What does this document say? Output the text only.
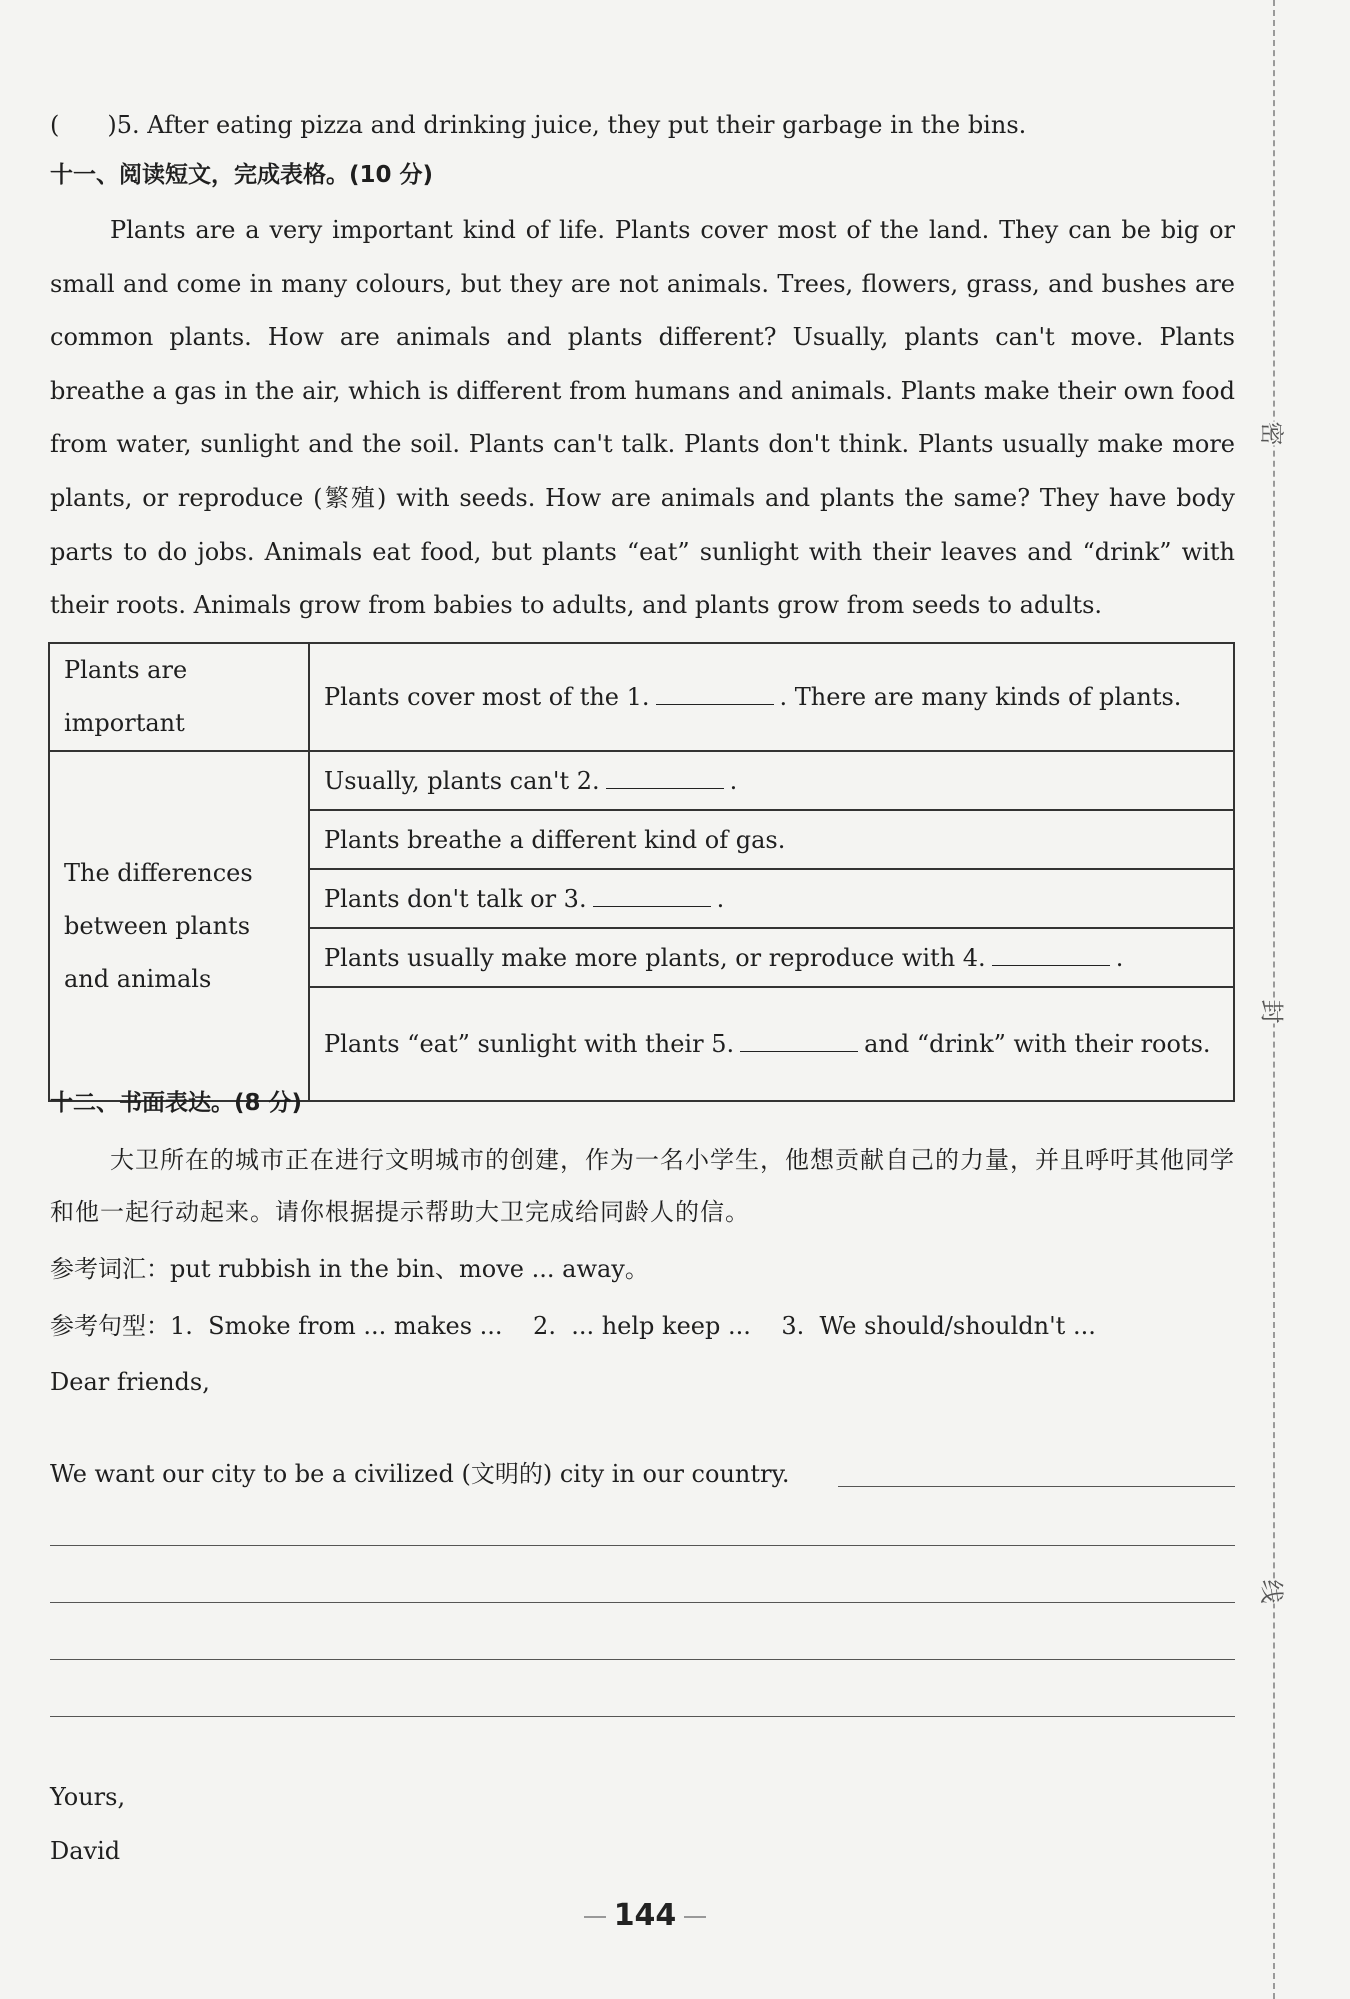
(　　)5. After eating pizza and drinking juice, they put their garbage in the bins.
十一、阅读短文，完成表格。(10 分)

Plants are a very important kind of life. Plants cover most of the land. They can be big or small and come in many colours, but they are not animals. Trees, flowers, grass, and bushes are common plants. How are animals and plants different? Usually, plants can't move. Plants breathe a gas in the air, which is different from humans and animals. Plants make their own food from water, sunlight and the soil. Plants can't talk. Plants don't think. Plants usually make more plants, or reproduce (繁殖) with seeds. How are animals and plants the same? They have body parts to do jobs. Animals eat food, but plants “eat” sunlight with their leaves and “drink” with their roots. Animals grow from babies to adults, and plants grow from seeds to adults.

Plants are important	Plants cover most of the 1. . There are many kinds of plants.
The differences between plants and animals	Usually, plants can't 2. .
	Plants breathe a different kind of gas.
	Plants don't talk or 3. .
	Plants usually make more plants, or reproduce with 4. .
	Plants “eat” sunlight with their 5. and “drink” with their roots.
十二、书面表达。(8 分)

大卫所在的城市正在进行文明城市的创建，作为一名小学生，他想贡献自己的力量，并且呼吁其他同学和他一起行动起来。请你根据提示帮助大卫完成给同龄人的信。

参考词汇：put rubbish in the bin、move ... away。
参考句型：1.  Smoke from ... makes ...    2.  ... help keep ...    3.  We should/shouldn't ...
Dear friends,
We want our city to be a civilized (文明的) city in our country.
Yours,
David
144
密
封
线
